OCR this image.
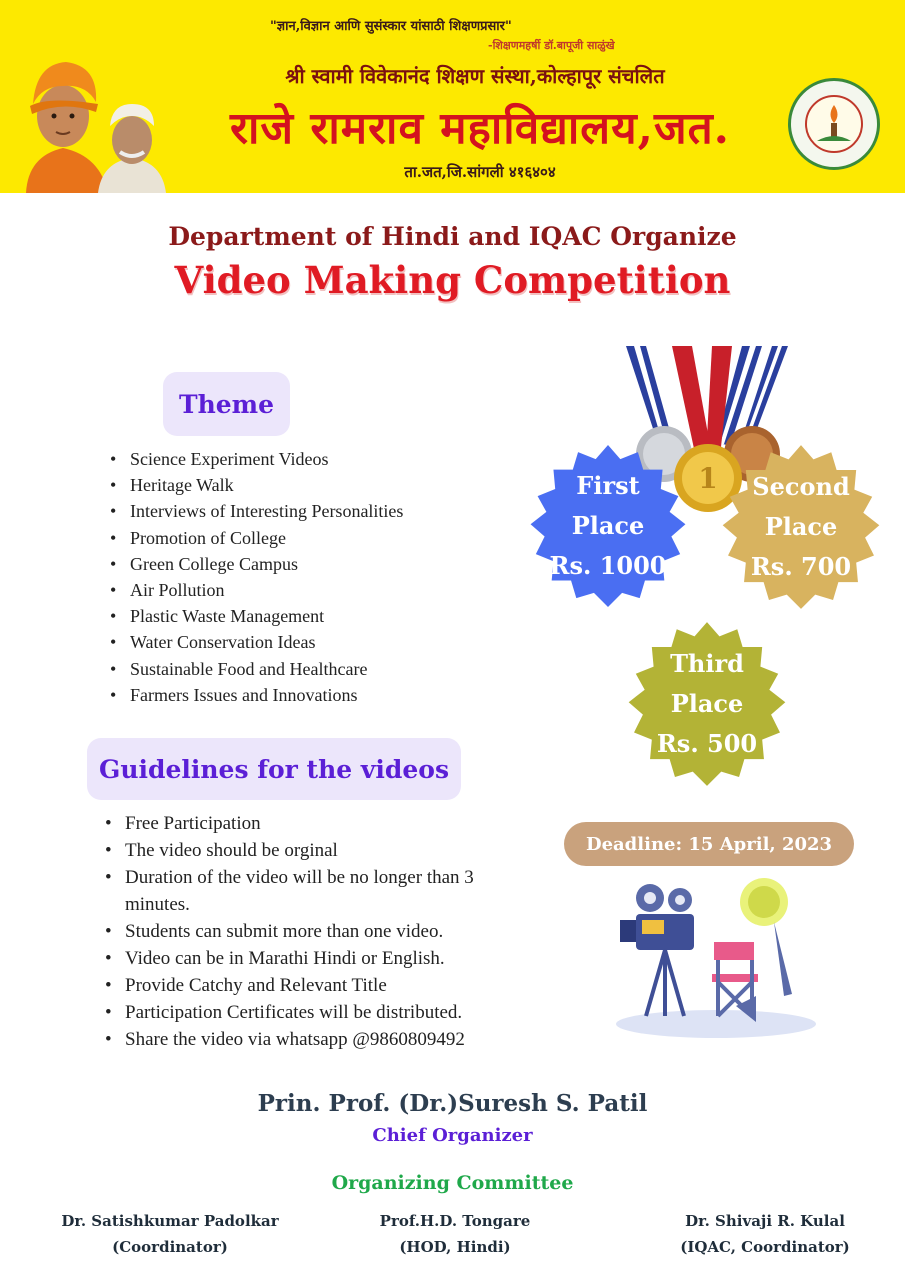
"ज्ञान,विज्ञान आणि सुसंस्कार यांसाठी शिक्षणप्रसार"
-शिक्षणमहर्षी डॉ.बापूजी साळुंखे
श्री स्वामी विवेकानंद शिक्षण संस्था,कोल्हापूर संचलित
राजे रामराव महाविद्यालय,जत.
ता.जत,जि.सांगली ४१६४०४
Department of Hindi and IQAC Organize
Video Making Competition
Theme
• Science Experiment Videos
• Heritage Walk
• Interviews of Interesting Personalities
• Promotion of College
• Green College Campus
• Air Pollution
• Plastic Waste Management
• Water Conservation Ideas
• Sustainable Food and Healthcare
• Farmers Issues and Innovations
Guidelines for the videos
• Free Participation
• The video should be orginal
• Duration of the video will be no longer than 3 minutes.
• Students can submit more than one video.
• Video can be in Marathi Hindi or English.
• Provide Catchy and Relevant Title
• Participation Certificates will be distributed.
• Share the video via whatsapp @9860809492
1
First
Place
Rs. 1000
Second
Place
Rs. 700
Third
Place
Rs. 500
Deadline: 15 April, 2023
Prin. Prof. (Dr.)Suresh S. Patil
Chief Organizer
Organizing Committee
Dr. Satishkumar Padolkar
(Coordinator)
Prof.H.D. Tongare
(HOD, Hindi)
Dr. Shivaji R. Kulal
(IQAC, Coordinator)
